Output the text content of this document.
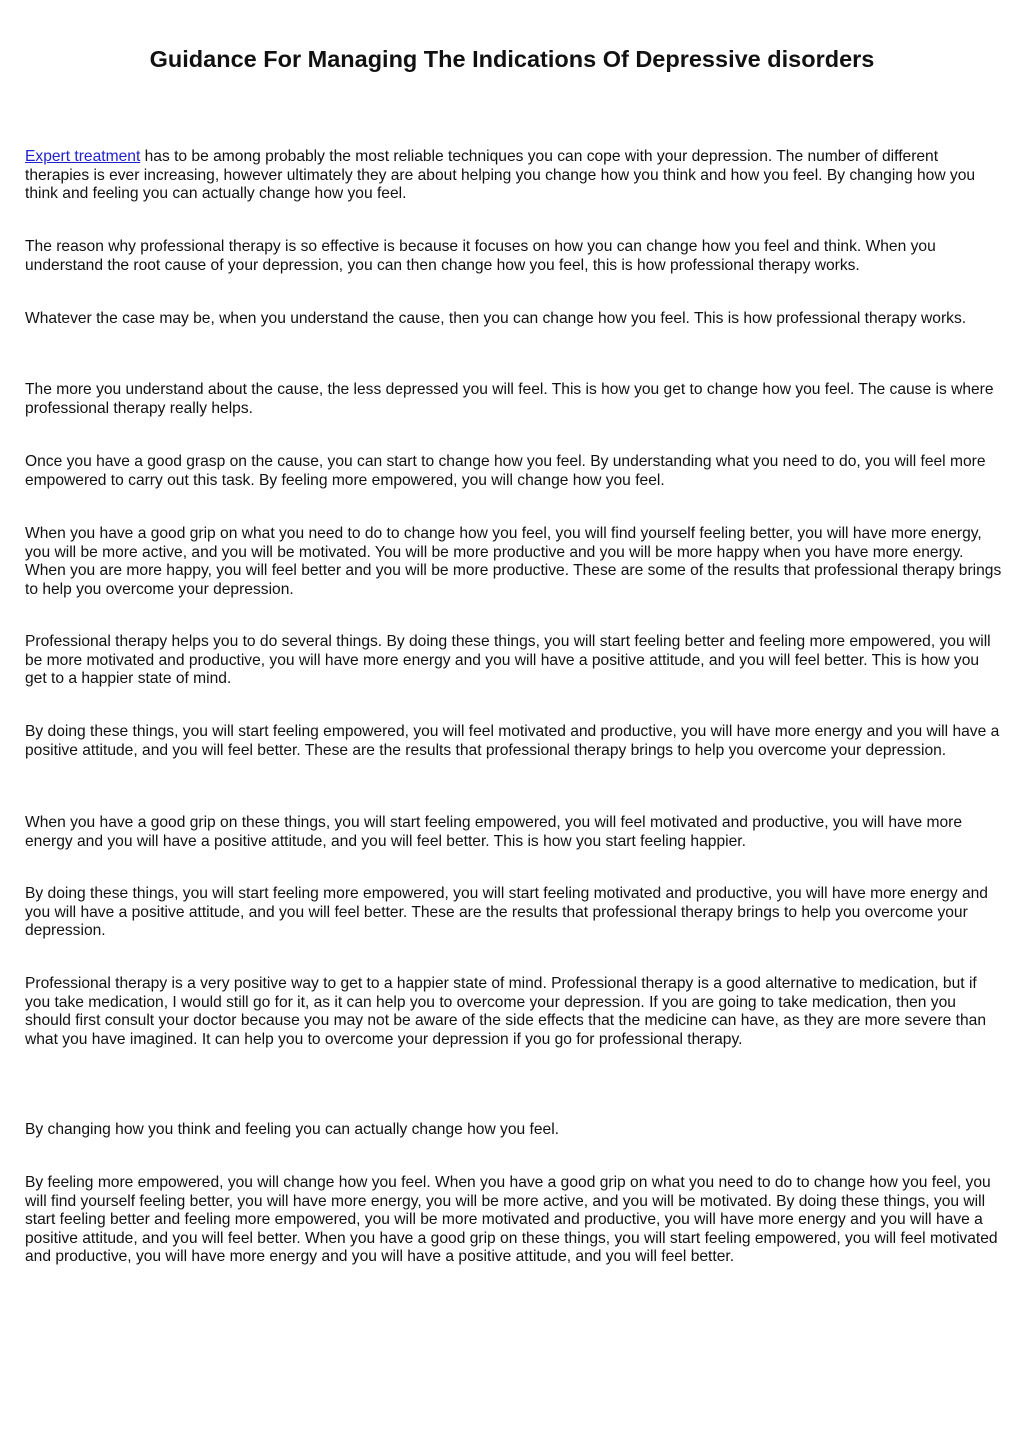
Guidance For Managing The Indications Of Depressive disorders

Expert treatment has to be among probably the most reliable techniques you can cope with your depression. The number of different therapies is ever increasing, however ultimately they are about helping you change how you think and how you feel. By changing how you think and feeling you can actually change how you feel.

The reason why professional therapy is so effective is because it focuses on how you can change how you feel and think. When you understand the root cause of your depression, you can then change how you feel, this is how professional therapy works.

Whatever the case may be, when you understand the cause, then you can change how you feel. This is how professional therapy works.

The more you understand about the cause, the less depressed you will feel. This is how you get to change how you feel. The cause is where professional therapy really helps.

Once you have a good grasp on the cause, you can start to change how you feel. By understanding what you need to do, you will feel more empowered to carry out this task. By feeling more empowered, you will change how you feel.

When you have a good grip on what you need to do to change how you feel, you will find yourself feeling better, you will have more energy, you will be more active, and you will be motivated. You will be more productive and you will be more happy when you have more energy. When you are more happy, you will feel better and you will be more productive. These are some of the results that professional therapy brings to help you overcome your depression.

Professional therapy helps you to do several things. By doing these things, you will start feeling better and feeling more empowered, you will be more motivated and productive, you will have more energy and you will have a positive attitude, and you will feel better. This is how you get to a happier state of mind.

By doing these things, you will start feeling empowered, you will feel motivated and productive, you will have more energy and you will have a positive attitude, and you will feel better. These are the results that professional therapy brings to help you overcome your depression.

When you have a good grip on these things, you will start feeling empowered, you will feel motivated and productive, you will have more energy and you will have a positive attitude, and you will feel better. This is how you start feeling happier.

By doing these things, you will start feeling more empowered, you will start feeling motivated and productive, you will have more energy and you will have a positive attitude, and you will feel better. These are the results that professional therapy brings to help you overcome your depression.

Professional therapy is a very positive way to get to a happier state of mind. Professional therapy is a good alternative to medication, but if you take medication, I would still go for it, as it can help you to overcome your depression. If you are going to take medication, then you should first consult your doctor because you may not be aware of the side effects that the medicine can have, as they are more severe than what you have imagined. It can help you to overcome your depression if you go for professional therapy.

By changing how you think and feeling you can actually change how you feel.

By feeling more empowered, you will change how you feel. When you have a good grip on what you need to do to change how you feel, you will find yourself feeling better, you will have more energy, you will be more active, and you will be motivated. By doing these things, you will start feeling better and feeling more empowered, you will be more motivated and productive, you will have more energy and you will have a positive attitude, and you will feel better. When you have a good grip on these things, you will start feeling empowered, you will feel motivated and productive, you will have more energy and you will have a positive attitude, and you will feel better.
